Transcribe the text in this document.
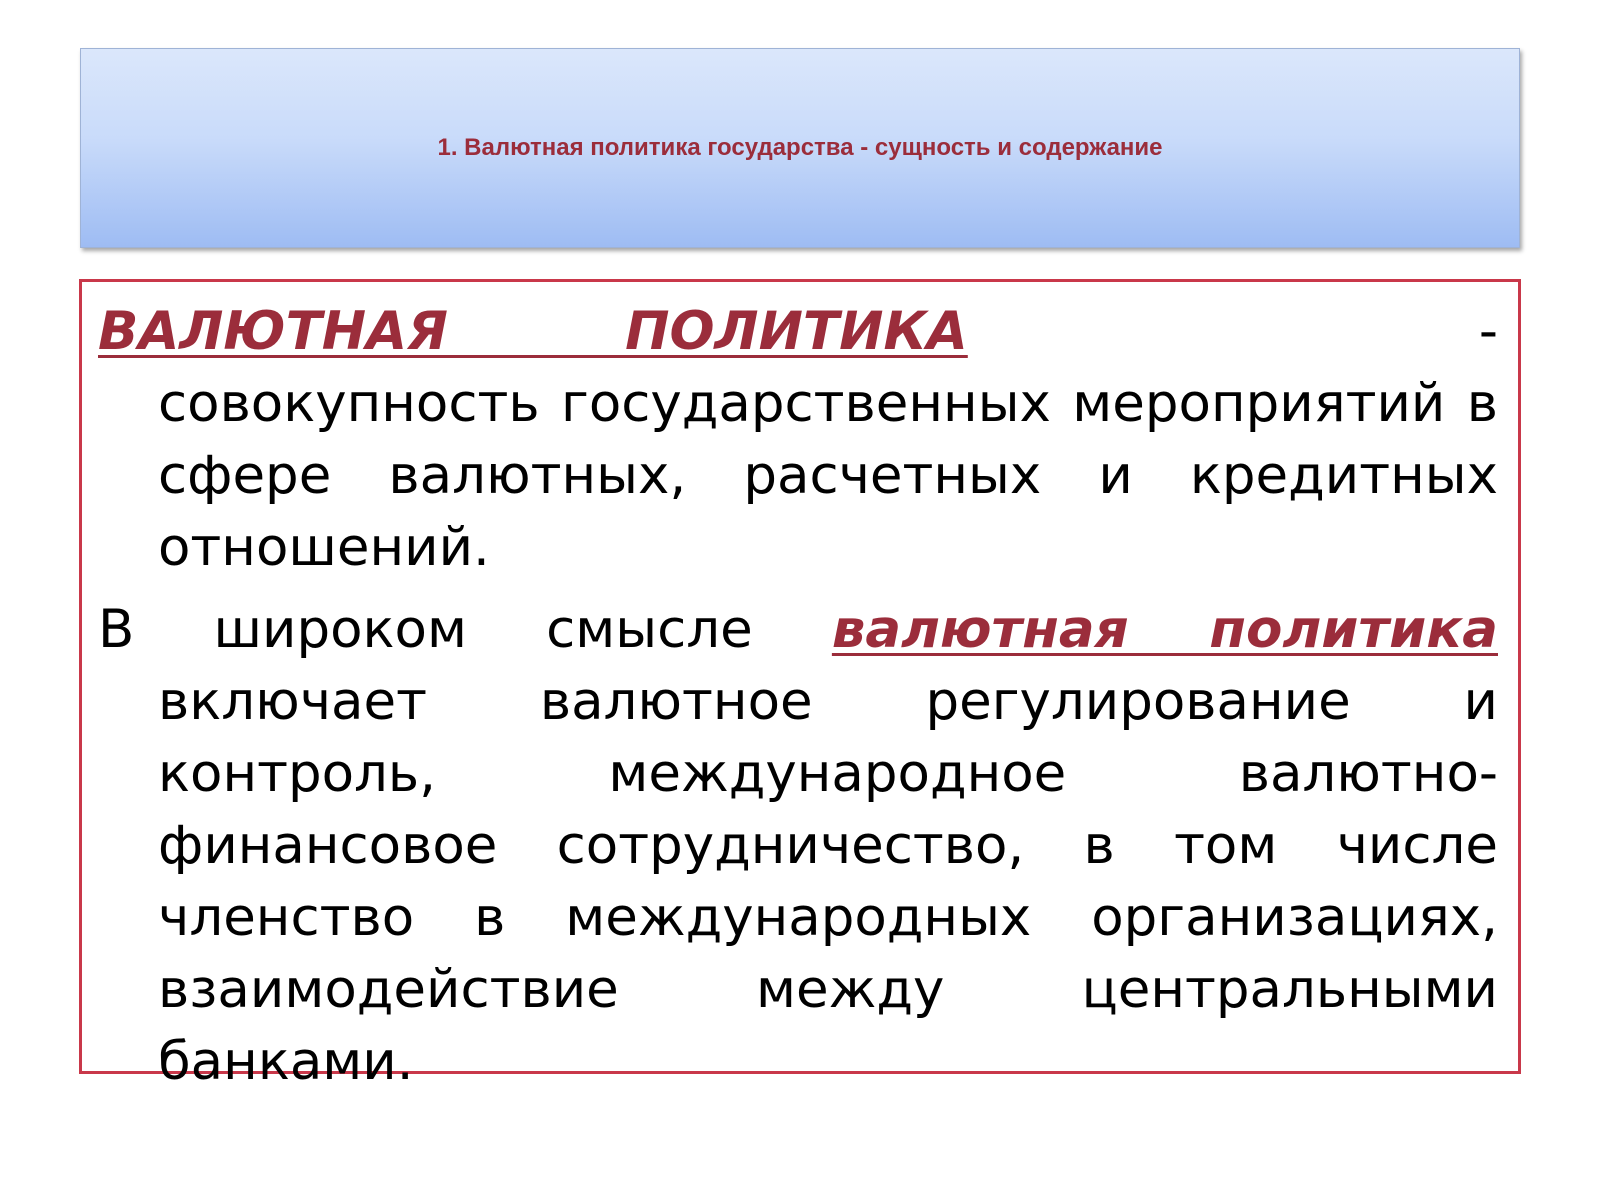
1. Валютная политика государства - сущность и содержание

ВАЛЮТНАЯ ПОЛИТИКА	-совокупность государственных мероприятий в сфере валютных, расчетных и кредитных отношений.

В широком смысле валютная политика включает валютное регулирование и контроль, международное валютно-финансовое сотрудничество, в том числе членство в международных организациях, взаимодействие между центральными банками.
